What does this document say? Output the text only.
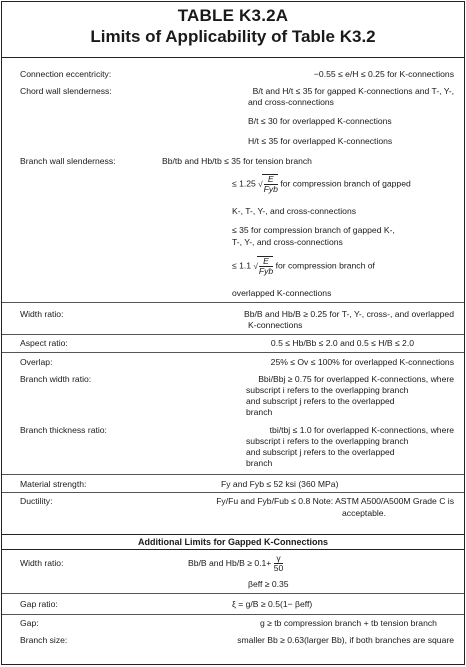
TABLE K3.2A
Limits of Applicability of Table K3.2
Connection eccentricity:	−0.55 ≤ e/H ≤ 0.25 for K-connections
Chord wall slenderness:	B/t and H/t ≤ 35 for gapped K-connections and T-, Y-,
and cross-connections
B/t ≤ 30 for overlapped K-connections
H/t ≤ 35 for overlapped K-connections
Branch wall slenderness:	Bb/tb and Hb/tb ≤ 35 for tension branch
≤ 1.25 √ $\frac{E}{\text{Fyb}}$ for compression branch of gapped
K-, T-, Y-, and cross-connections
≤ 35 for compression branch of gapped K-,
T-, Y-, and cross-connections
≤ 1.1 √ $\frac{E}{\text{Fyb}}$ for compression branch of
overlapped K-connections
Width ratio:	Bb/B and Hb/B ≥ 0.25 for T-, Y-, cross-, and overlapped
K-connections
Aspect ratio:	0.5 ≤ Hb/Bb ≤ 2.0 and 0.5 ≤ H/B ≤ 2.0
Overlap:	25% ≤ Ov ≤ 100% for overlapped K-connections
Branch width ratio:	Bbi/Bbj ≥ 0.75 for overlapped K-connections, where
subscript i refers to the overlapping branch
and subscript j refers to the overlapped
branch
Branch thickness ratio:	tbi/tbj ≤ 1.0 for overlapped K-connections, where
subscript i refers to the overlapping branch
and subscript j refers to the overlapped
branch
Material strength:	Fy and Fyb ≤ 52 ksi (360 MPa)
Ductility:	Fy/Fu and Fyb/Fub ≤ 0.8 Note: ASTM A500/A500M Grade C is
acceptable.
Additional Limits for Gapped K-Connections
Width ratio:	Bb/B and $Hb/B \ge 0.1+ \frac{\gamma}{50}$
βeff ≥ 0.35
Gap ratio:	ξ = g/B ≥ 0.5(1− βeff)
Gap:	g ≥ tb compression branch + tb tension branch
Branch size:	smaller Bb ≥ 0.63(larger Bb), if both branches are square
